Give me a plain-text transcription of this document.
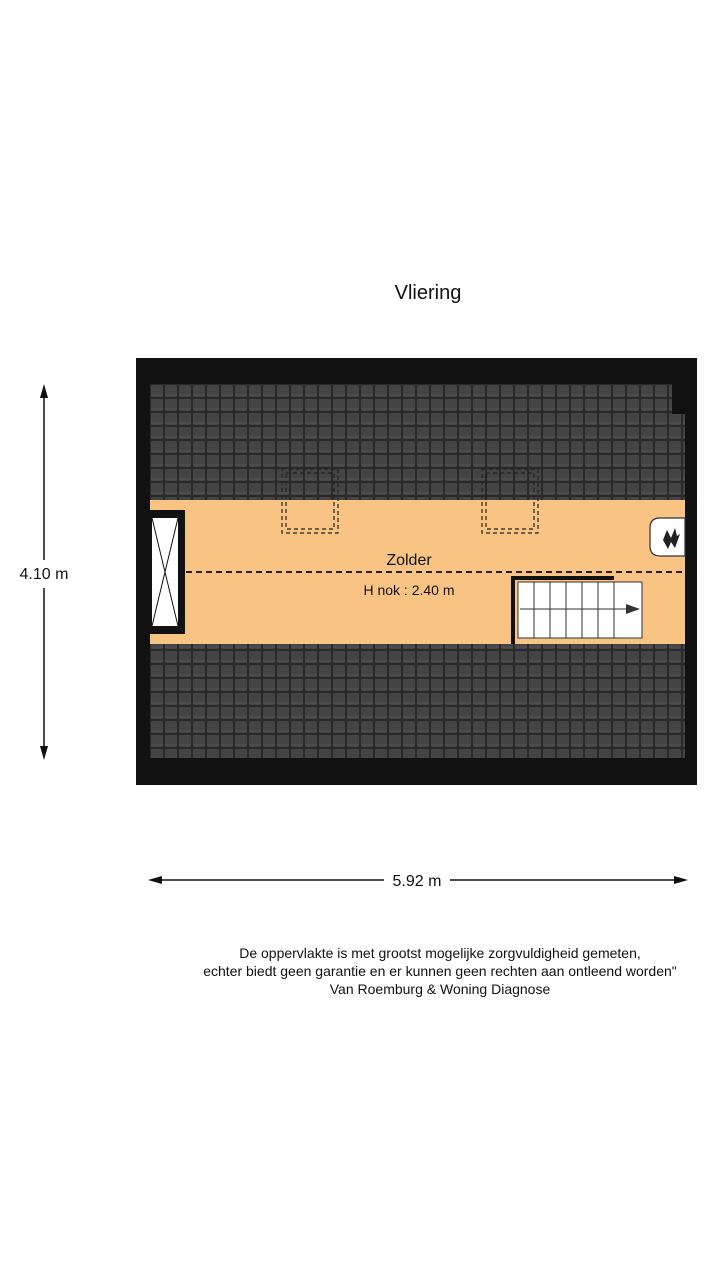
Vliering
Zolder
H nok : 2.40 m
4.10 m
5.92 m
De oppervlakte is met grootst mogelijke zorgvuldigheid gemeten,
echter biedt geen garantie en er kunnen geen rechten aan ontleend worden"
Van Roemburg & Woning Diagnose
